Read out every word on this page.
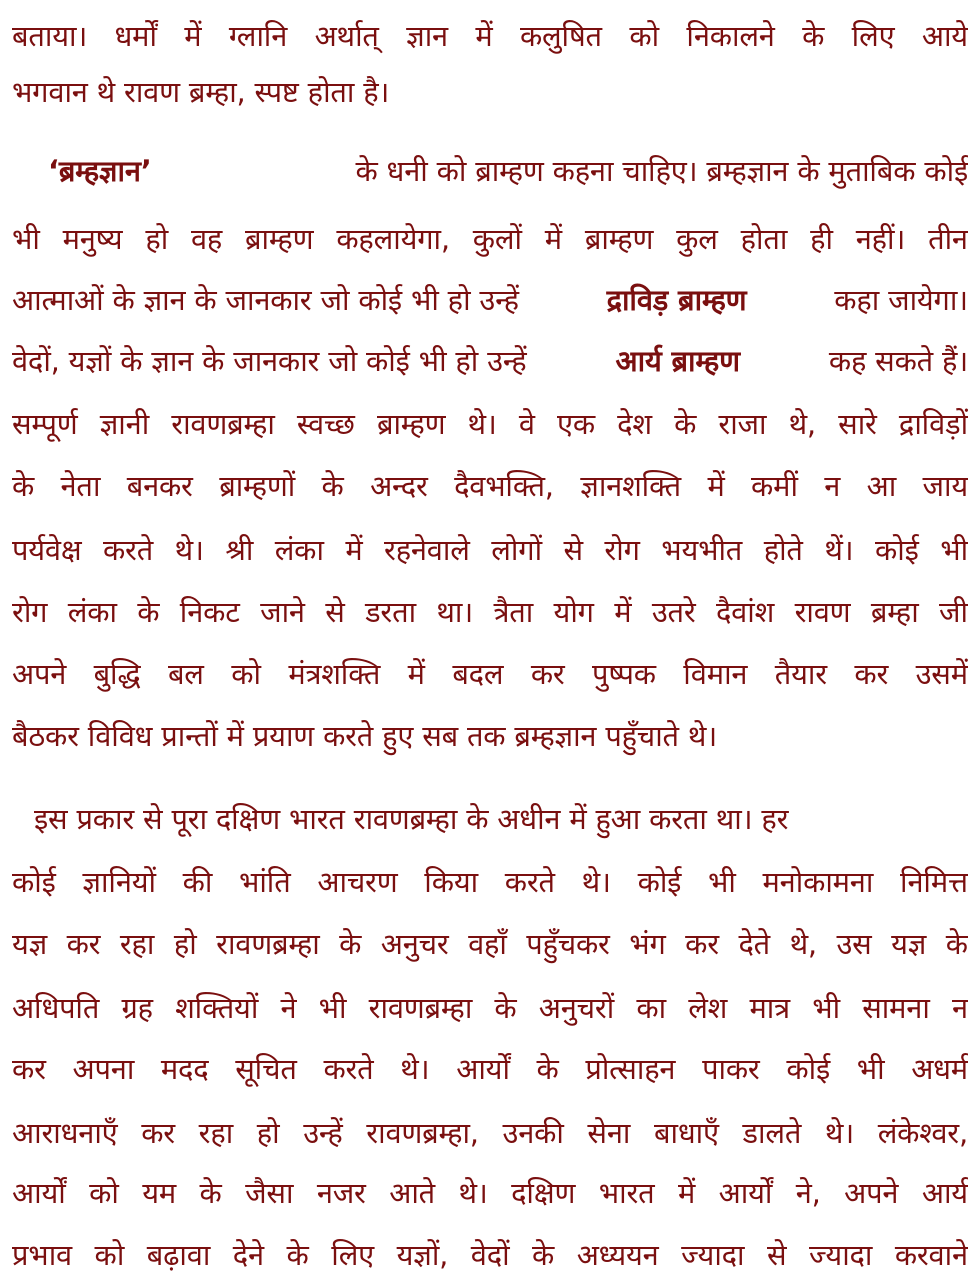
बताया। धर्मों में ग्लानि अर्थात् ज्ञान में कलुषित को निकालने के लिए आये
भगवान थे रावण ब्रम्हा, स्पष्ट होता है।
‘ब्रम्हज्ञान’	के धनी को ब्राम्हण कहना चाहिए। ब्रम्हज्ञान के मुताबिक कोई
भी मनुष्य हो वह ब्राम्हण कहलायेगा, कुलों में ब्राम्हण कुल होता ही नहीं। तीन
आत्माओं के ज्ञान के जानकार जो कोई भी हो उन्हें	द्राविड़ ब्राम्हण	कहा जायेगा।
वेदों, यज्ञों के ज्ञान के जानकार जो कोई भी हो उन्हें	आर्य ब्राम्हण	कह सकते हैं।
सम्पूर्ण ज्ञानी रावणब्रम्हा स्वच्छ ब्राम्हण थे। वे एक देश के राजा थे, सारे द्राविड़ों
के नेता बनकर ब्राम्हणों के अन्दर दैवभक्ति, ज्ञानशक्ति में कमीं न आ जाय
पर्यवेक्ष करते थे। श्री लंका में रहनेवाले लोगों से रोग भयभीत होते थें। कोई भी
रोग लंका के निकट जाने से डरता था। त्रैता योग में उतरे दैवांश रावण ब्रम्हा जी
अपने बुद्धि बल को मंत्रशक्ति में बदल कर पुष्पक विमान तैयार कर उसमें
बैठकर विविध प्रान्तों में प्रयाण करते हुए सब तक ब्रम्हज्ञान पहुँचाते थे।
इस प्रकार से पूरा दक्षिण भारत रावणब्रम्हा के अधीन में हुआ करता था। हर
कोई ज्ञानियों की भांति आचरण किया करते थे। कोई भी मनोकामना निमित्त
यज्ञ कर रहा हो रावणब्रम्हा के अनुचर वहाँ पहुँचकर भंग कर देते थे, उस यज्ञ के
अधिपति ग्रह शक्तियों ने भी रावणब्रम्हा के अनुचरों का लेश मात्र भी सामना न
कर अपना मदद सूचित करते थे। आर्यों के प्रोत्साहन पाकर कोई भी अधर्म
आराधनाएँ कर रहा हो उन्हें रावणब्रम्हा, उनकी सेना बाधाएँ डालते थे। लंकेश्वर,
आर्यों को यम के जैसा नजर आते थे। दक्षिण भारत में आर्यों ने, अपने आर्य
प्रभाव को बढ़ावा देने के लिए यज्ञों, वेदों के अध्ययन ज्यादा से ज्यादा करवाने
